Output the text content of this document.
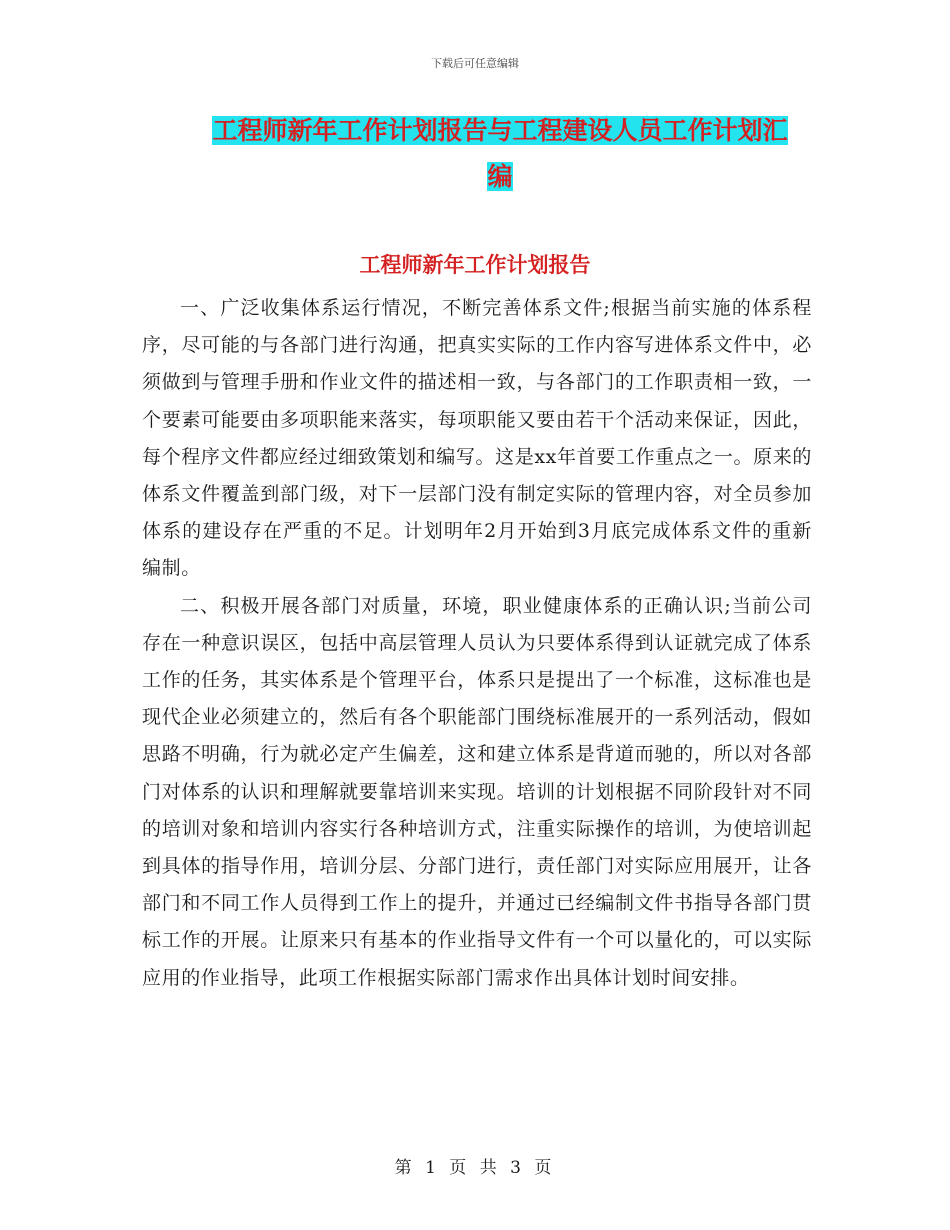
下载后可任意编辑
工程师新年工作计划报告与工程建设人员工作计划汇
编
工程师新年工作计划报告

一、广泛收集体系运行情况，不断完善体系文件;根据当前实施的体系程序，尽可能的与各部门进行沟通，把真实实际的工作内容写进体系文件中，必须做到与管理手册和作业文件的描述相一致，与各部门的工作职责相一致，一个要素可能要由多项职能来落实，每项职能又要由若干个活动来保证，因此，每个程序文件都应经过细致策划和编写。这是xx年首要工作重点之一。原来的体系文件覆盖到部门级，对下一层部门没有制定实际的管理内容，对全员参加体系的建设存在严重的不足。计划明年2月开始到3月底完成体系文件的重新编制。

二、积极开展各部门对质量，环境，职业健康体系的正确认识;当前公司存在一种意识误区，包括中高层管理人员认为只要体系得到认证就完成了体系工作的任务，其实体系是个管理平台，体系只是提出了一个标准，这标准也是现代企业必须建立的，然后有各个职能部门围绕标准展开的一系列活动，假如思路不明确，行为就必定产生偏差，这和建立体系是背道而驰的，所以对各部门对体系的认识和理解就要靠培训来实现。培训的计划根据不同阶段针对不同的培训对象和培训内容实行各种培训方式，注重实际操作的培训，为使培训起到具体的指导作用，培训分层、分部门进行，责任部门对实际应用展开，让各部门和不同工作人员得到工作上的提升，并通过已经编制文件书指导各部门贯标工作的开展。让原来只有基本的作业指导文件有一个可以量化的，可以实际应用的作业指导，此项工作根据实际部门需求作出具体计划时间安排。

第 1 页 共 3 页
